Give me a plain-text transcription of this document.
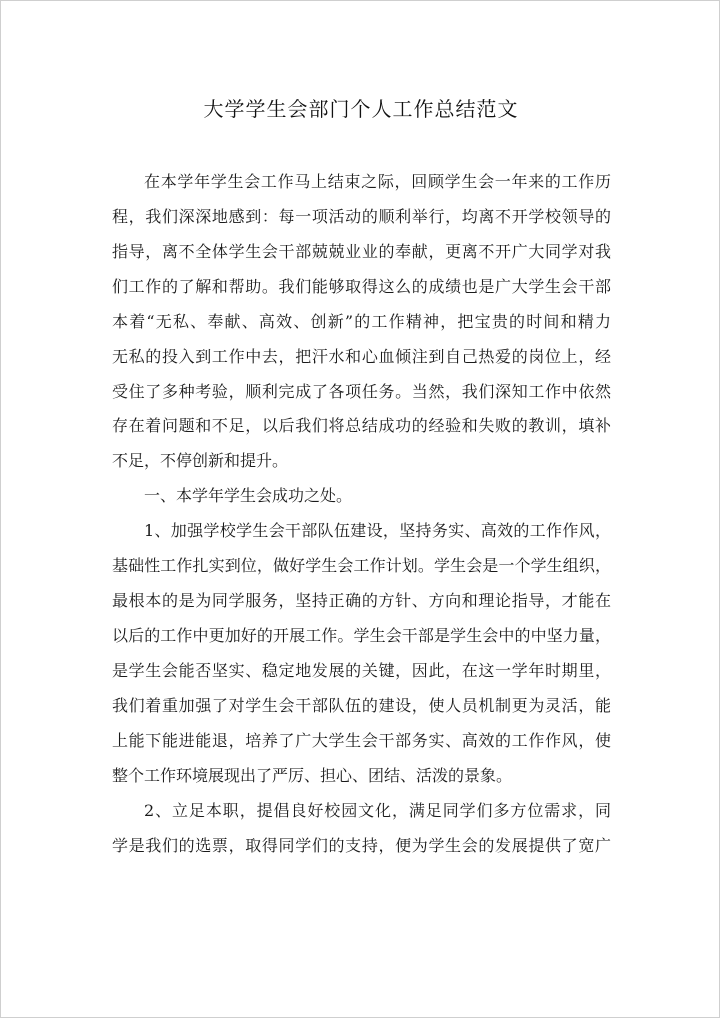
大学学生会部门个人工作总结范文
在本学年学生会工作马上结束之际，回顾学生会一年来的工作历
程，我们深深地感到：每一项活动的顺利举行，均离不开学校领导的
指导，离不全体学生会干部兢兢业业的奉献，更离不开广大同学对我
们工作的了解和帮助。我们能够取得这么的成绩也是广大学生会干部
本着“无私、奉献、高效、创新”的工作精神，把宝贵的时间和精力
无私的投入到工作中去，把汗水和心血倾注到自己热爱的岗位上，经
受住了多种考验，顺利完成了各项任务。当然，我们深知工作中依然
存在着问题和不足，以后我们将总结成功的经验和失败的教训，填补
不足，不停创新和提升。
一、本学年学生会成功之处。
1、加强学校学生会干部队伍建设，坚持务实、高效的工作作风，
基础性工作扎实到位，做好学生会工作计划。学生会是一个学生组织，
最根本的是为同学服务，坚持正确的方针、方向和理论指导，才能在
以后的工作中更加好的开展工作。学生会干部是学生会中的中坚力量，
是学生会能否坚实、稳定地发展的关键，因此，在这一学年时期里，
我们着重加强了对学生会干部队伍的建设，使人员机制更为灵活，能
上能下能进能退，培养了广大学生会干部务实、高效的工作作风，使
整个工作环境展现出了严厉、担心、团结、活泼的景象。
2、立足本职，提倡良好校园文化，满足同学们多方位需求，同
学是我们的选票，取得同学们的支持，便为学生会的发展提供了宽广
